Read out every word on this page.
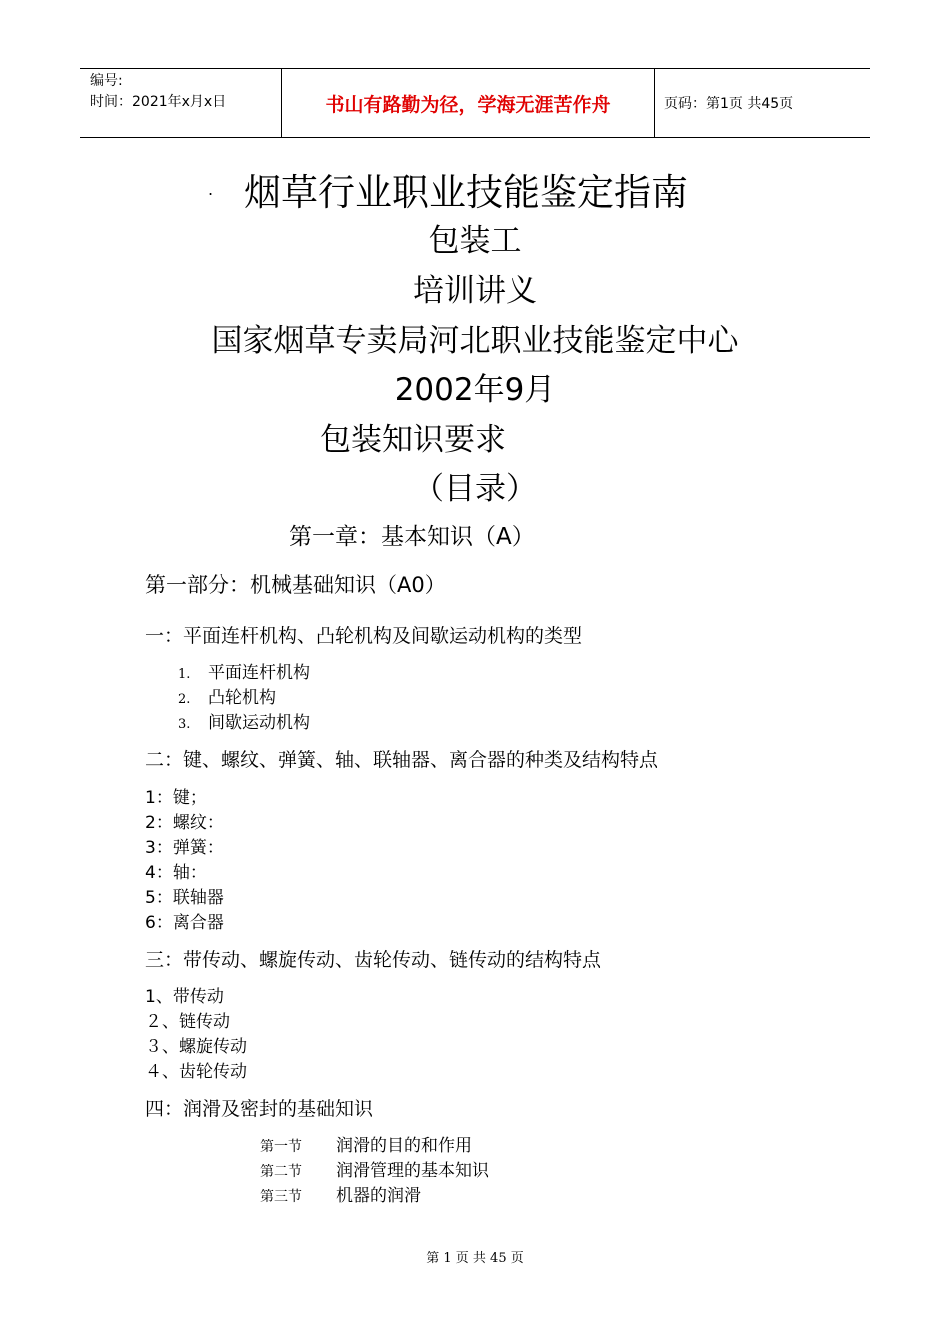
编号:
时间：2021年x月x日	书山有路勤为径，学海无涯苦作舟	页码：第1页 共45页
. 烟草行业职业技能鉴定指南
包装工
培训讲义
国家烟草专卖局河北职业技能鉴定中心
2002年9月
包装知识要求
（目录）
第一章：基本知识（A）
第一部分：机械基础知识（A0）
一：平面连杆机构、凸轮机构及间歇运动机构的类型
1. 平面连杆机构
2. 凸轮机构
3. 间歇运动机构
二：键、螺纹、弹簧、轴、联轴器、离合器的种类及结构特点
1：键；
2：螺纹：
3：弹簧：
4：轴：
5：联轴器
6：离合器
三：带传动、螺旋传动、齿轮传动、链传动的结构特点
1、带传动
２、链传动
３、螺旋传动
４、齿轮传动
四：润滑及密封的基础知识
第一节 润滑的目的和作用
第二节 润滑管理的基本知识
第三节 机器的润滑
第 1 页 共 45 页
